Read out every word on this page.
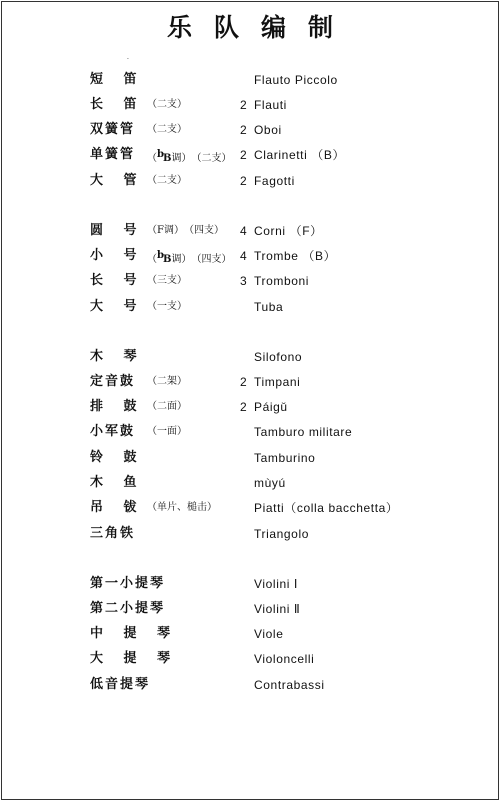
乐队编制
·
短 笛	Flauto Piccolo
长 笛 （二支）	2 Flauti
双簧管 （二支）	2 Oboi
单簧管 （bB调）　（二支） 2 Clarinetti （B）
大 管 （二支）	2 Fagotti
圆 号 （F调）　（四支） 4 Corni （F）
小 号 （bB调）　（四支） 4 Trombe （B）
长 号 （三支）	3 Tromboni
大 号 （一支）	Tuba
木 琴	Silofono
定音鼓 （二架）	2 Timpani
排 鼓 （二面）	2 Páigǔ
小军鼓 （一面）	Tamburo militare
铃 鼓	Tamburino
木 鱼	mùyú
吊 钹 （单片、槌击）	Piatti（colla bacchetta）
三角铁	Triangolo
第一小提琴	Violini Ⅰ
第二小提琴	Violini Ⅱ
中 提 琴	Viole
大 提 琴	Violoncelli
低音提琴	Contrabassi
